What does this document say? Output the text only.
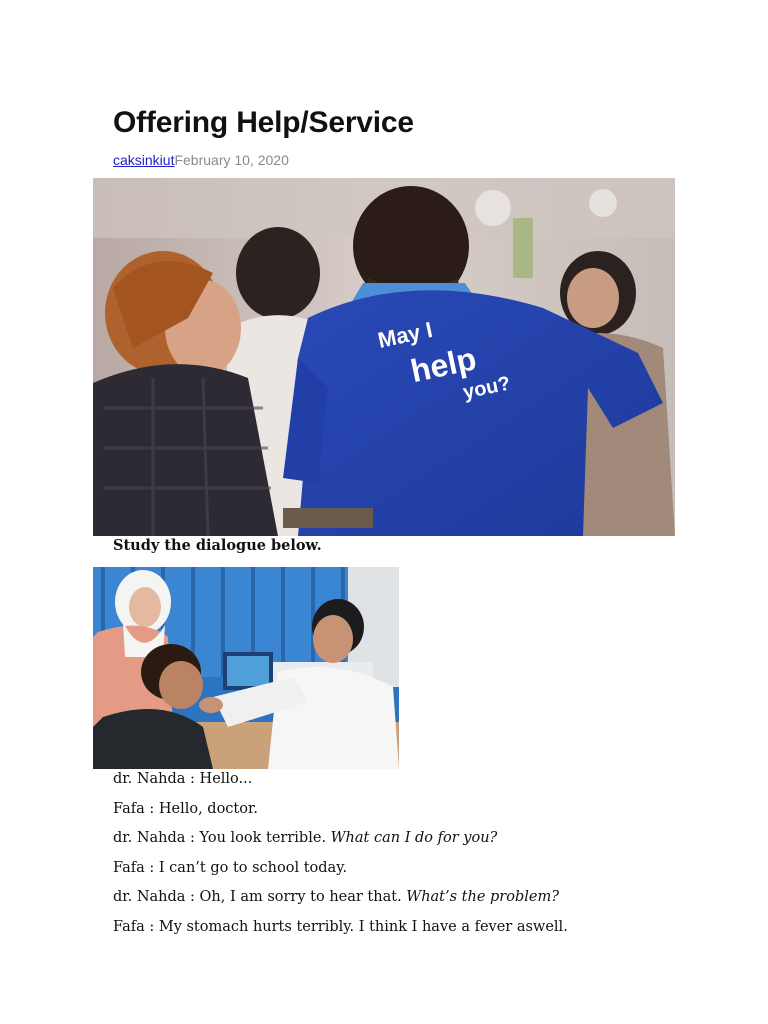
Offering Help/Service
caksinkiutFebruary 10, 2020
May I
help
you?
Study the dialogue below.
dr. Nahda : Hello...
Fafa : Hello, doctor.
dr. Nahda : You look terrible. What can I do for you?
Fafa : I can’t go to school today.
dr. Nahda : Oh, I am sorry to hear that. What’s the problem?
Fafa : My stomach hurts terribly. I think I have a fever aswell.
